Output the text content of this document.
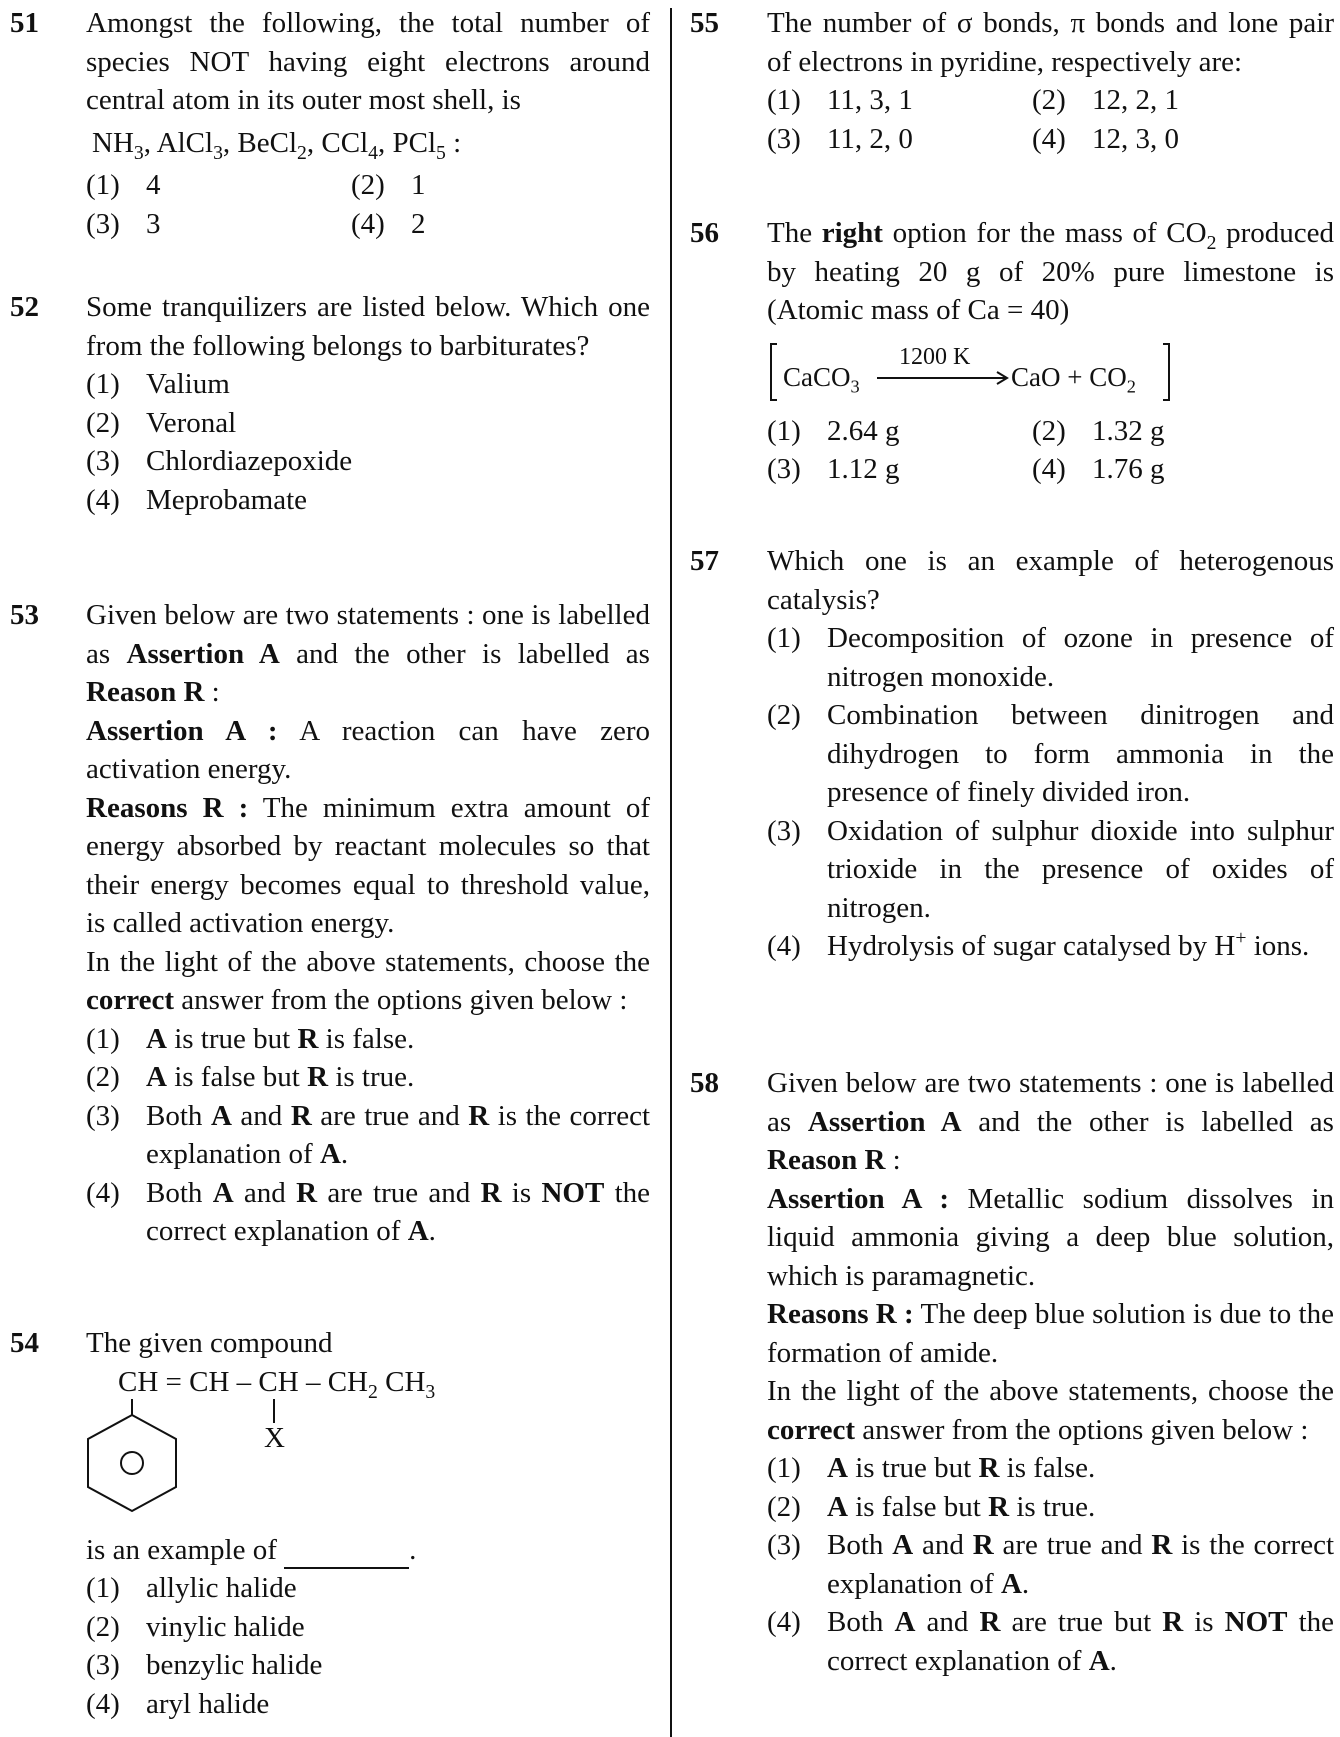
51 Amongst the following, the total number of species NOT having eight electrons around central atom in its outer most shell, is

$NH_3$, AlCl$_3$, BeCl$_2$, CCl$_4$, PCl$_5$ :

(1) 4	(2) 1
(3) 3	(4) 2
52 Some tranquilizers are listed below. Which one from the following belongs to barbiturates?

(1) Valium
(2) Veronal
(3) Chlordiazepoxide
(4) Meprobamate
53 Given below are two statements : one is labelled as Assertion A and the other is labelled as Reason R :

Assertion A : A reaction can have zero activation energy.

Reasons R : The minimum extra amount of energy absorbed by reactant molecules so that their energy becomes equal to threshold value, is called activation energy.

In the light of the above statements, choose the correct answer from the options given below :

(1) A is true but R is false.
(2) A is false but R is true.
(3) Both A and R are true and R is the correct explanation of A.
(4) Both A and R are true and R is NOT the correct explanation of A.
54 The given compound

CH = CH – CH – $CH_2$ $CH_3$
X

is an example of	.

(1) allylic halide
(2) vinylic halide
(3) benzylic halide
(4) aryl halide
55 The number of σ bonds, π bonds and lone pair of electrons in pyridine, respectively are:

(1) 11, 3, 1	(2) 12, 2, 1
(3) 11, 2, 0	(4) 12, 3, 0
56 The right option for the mass of $CO_2$ produced by heating 20 g of 20% pure limestone is (Atomic mass of Ca = 40)

CaCO$_3$
1200 K
CaO + $CO_2$
(1) 2.64 g	(2) 1.32 g
(3) 1.12 g	(4) 1.76 g
57 Which one is an example of heterogenous catalysis?

(1) Decomposition of ozone in presence of nitrogen monoxide.
(2) Combination between dinitrogen and dihydrogen to form ammonia in the presence of finely divided iron.
(3) Oxidation of sulphur dioxide into sulphur trioxide in the presence of oxides of nitrogen.
(4) Hydrolysis of sugar catalysed by H+ ions.
58 Given below are two statements : one is labelled as Assertion A and the other is labelled as Reason R :

Assertion A : Metallic sodium dissolves in liquid ammonia giving a deep blue solution, which is paramagnetic.

Reasons R : The deep blue solution is due to the formation of amide.

In the light of the above statements, choose the correct answer from the options given below :

(1) A is true but R is false.
(2) A is false but R is true.
(3) Both A and R are true and R is the correct explanation of A.
(4) Both A and R are true but R is NOT the correct explanation of A.
